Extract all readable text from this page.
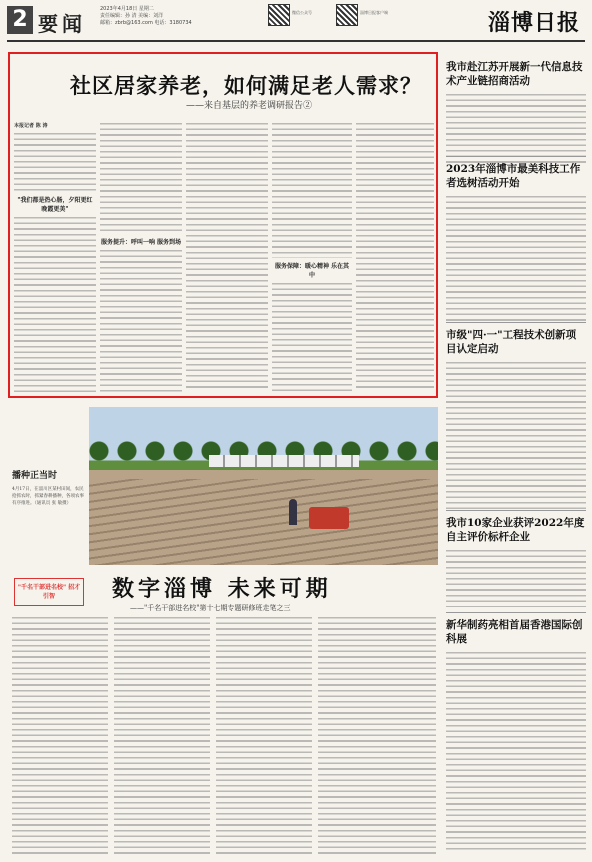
2 要闻
2023年4月18日 星期二
责任编辑：孙 清 美编：刘洋
邮箱：zbrb@163.com 电话：3180734
微信公众号	淄博日报客户端	淄博日报
社区居家养老，如何满足老人需求？
——来自基层的养老调研报告②
本报记者 陈 涛
"我们都是热心肠，夕阳更红 晚霞更美"
服务提升：呼叫一响 服务到场
服务保障：暖心精神 乐在其中
我市赴江苏开展新一代信息技术产业链招商活动
2023年淄博市最美科技工作者选树活动开始
市级"四·一"工程技术创新项目认定启动
我市10家企业获评2022年度自主评价标杆企业
新华制药亮相首届香港国际创科展
播种正当时
4月17日，在淄川区某村田间，农民抢抓农时，抓紧春耕播种，各项农事有序推进。（通讯员 张 敏摄）
"千名干部进名校" 招才引智	数字淄博 未来可期
——"千名干部进名校"第十七期专题研修班走笔之三
